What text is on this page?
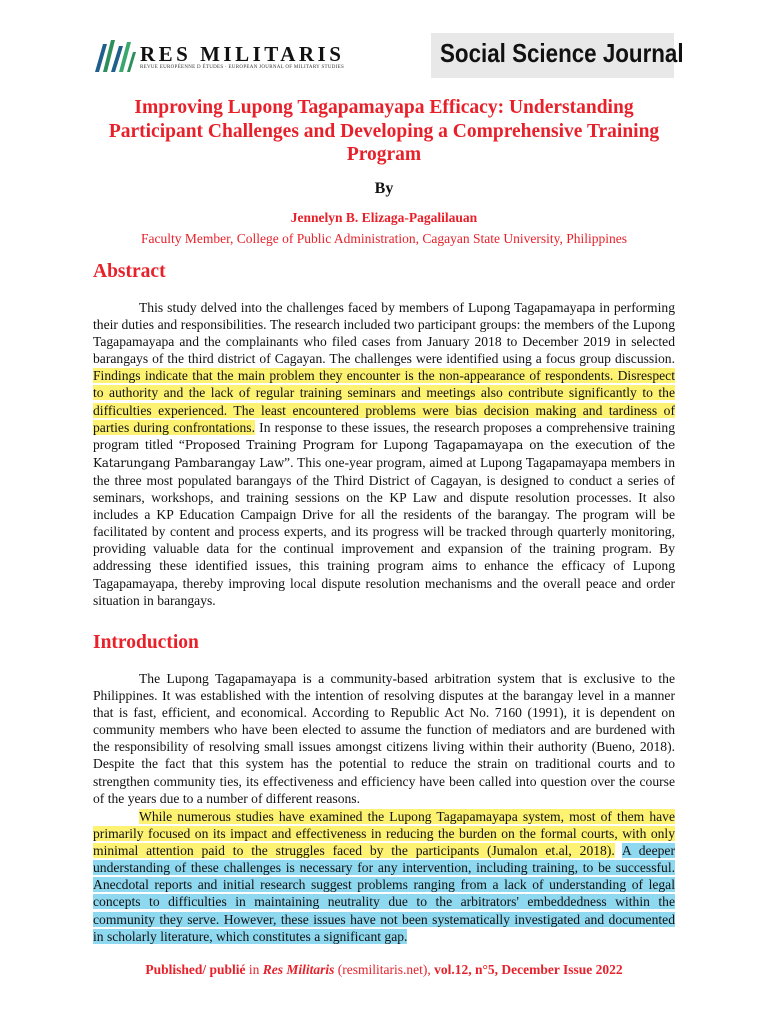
RES MILITARIS
REVUE EUROPÉENNE D ÉTUDES · EUROPEAN JOURNAL OF MILITARY STUDIES	Social Science Journal
Improving Lupong Tagapamayapa Efficacy: Understanding Participant Challenges and Developing a Comprehensive Training Program
By
Jennelyn B. Elizaga-Pagalilauan
Faculty Member, College of Public Administration, Cagayan State University, Philippines
Abstract

This study delved into the challenges faced by members of Lupong Tagapamayapa in performing their duties and responsibilities. The research included two participant groups: the members of the Lupong Tagapamayapa and the complainants who filed cases from January 2018 to December 2019 in selected barangays of the third district of Cagayan. The challenges were identified using a focus group discussion. Findings indicate that the main problem they encounter is the non-appearance of respondents. Disrespect to authority and the lack of regular training seminars and meetings also contribute significantly to the difficulties experienced. The least encountered problems were bias decision making and tardiness of parties during confrontations. In response to these issues, the research proposes a comprehensive training program titled “Proposed Training Program for Lupong Tagapamayapa on the execution of the Katarungang Pambarangay Law”. This one-year program, aimed at Lupong Tagapamayapa members in the three most populated barangays of the Third District of Cagayan, is designed to conduct a series of seminars, workshops, and training sessions on the KP Law and dispute resolution processes. It also includes a KP Education Campaign Drive for all the residents of the barangay. The program will be facilitated by content and process experts, and its progress will be tracked through quarterly monitoring, providing valuable data for the continual improvement and expansion of the training program. By addressing these identified issues, this training program aims to enhance the efficacy of Lupong Tagapamayapa, thereby improving local dispute resolution mechanisms and the overall peace and order situation in barangays.

Introduction

The Lupong Tagapamayapa is a community-based arbitration system that is exclusive to the Philippines. It was established with the intention of resolving disputes at the barangay level in a manner that is fast, efficient, and economical. According to Republic Act No. 7160 (1991), it is dependent on community members who have been elected to assume the function of mediators and are burdened with the responsibility of resolving small issues amongst citizens living within their authority (Bueno, 2018). Despite the fact that this system has the potential to reduce the strain on traditional courts and to strengthen community ties, its effectiveness and efficiency have been called into question over the course of the years due to a number of different reasons.

While numerous studies have examined the Lupong Tagapamayapa system, most of them have primarily focused on its impact and effectiveness in reducing the burden on the formal courts, with only minimal attention paid to the struggles faced by the participants (Jumalon et.al, 2018). A deeper understanding of these challenges is necessary for any intervention, including training, to be successful. Anecdotal reports and initial research suggest problems ranging from a lack of understanding of legal concepts to difficulties in maintaining neutrality due to the arbitrators' embeddedness within the community they serve. However, these issues have not been systematically investigated and documented in scholarly literature, which constitutes a significant gap.

Published/ publié in Res Militaris (resmilitaris.net), vol.12, n°5, December Issue 2022
